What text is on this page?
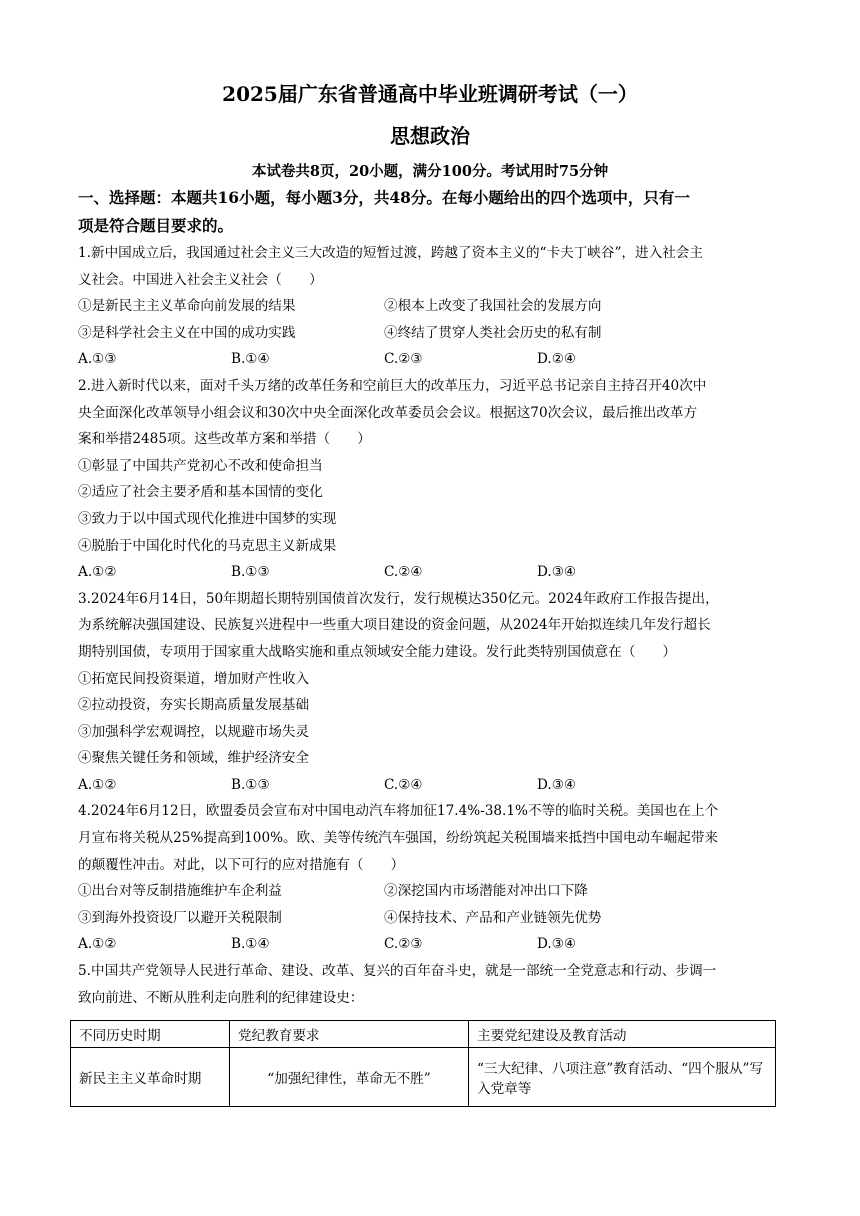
2025届广东省普通高中毕业班调研考试（一）
思想政治
本试卷共8页，20小题，满分100分。考试用时75分钟
一、选择题：本题共16小题，每小题3分，共48分。在每小题给出的四个选项中，只有一
项是符合题目要求的。
1.新中国成立后，我国通过社会主义三大改造的短暂过渡，跨越了资本主义的“卡夫丁峡谷”，进入社会主
义社会。中国进入社会主义社会（　　）
①是新民主主义革命向前发展的结果	②根本上改变了我国社会的发展方向
③是科学社会主义在中国的成功实践	④终结了贯穿人类社会历史的私有制
A.①③	B.①④	C.②③	D.②④
2.进入新时代以来，面对千头万绪的改革任务和空前巨大的改革压力，习近平总书记亲自主持召开40次中
央全面深化改革领导小组会议和30次中央全面深化改革委员会会议。根据这70次会议，最后推出改革方
案和举措2485项。这些改革方案和举措（　　）
①彰显了中国共产党初心不改和使命担当
②适应了社会主要矛盾和基本国情的变化
③致力于以中国式现代化推进中国梦的实现
④脱胎于中国化时代化的马克思主义新成果
A.①②	B.①③	C.②④	D.③④
3.2024年6月14日，50年期超长期特别国债首次发行，发行规模达350亿元。2024年政府工作报告提出，
为系统解决强国建设、民族复兴进程中一些重大项目建设的资金问题，从2024年开始拟连续几年发行超长
期特别国债，专项用于国家重大战略实施和重点领域安全能力建设。发行此类特别国债意在（　　）
①拓宽民间投资渠道，增加财产性收入
②拉动投资，夯实长期高质量发展基础
③加强科学宏观调控，以规避市场失灵
④聚焦关键任务和领域，维护经济安全
A.①②	B.①③	C.②④	D.③④
4.2024年6月12日，欧盟委员会宣布对中国电动汽车将加征17.4%-38.1%不等的临时关税。美国也在上个
月宣布将关税从25%提高到100%。欧、美等传统汽车强国，纷纷筑起关税围墙来抵挡中国电动车崛起带来
的颠覆性冲击。对此，以下可行的应对措施有（　　）
①出台对等反制措施维护车企利益	②深挖国内市场潜能对冲出口下降
③到海外投资设厂以避开关税限制	④保持技术、产品和产业链领先优势
A.①②	B.①④	C.②③	D.③④
5.中国共产党领导人民进行革命、建设、改革、复兴的百年奋斗史，就是一部统一全党意志和行动、步调一
致向前进、不断从胜利走向胜利的纪律建设史：
不同历史时期	党纪教育要求	主要党纪建设及教育活动
新民主主义革命时期	“加强纪律性，革命无不胜”	“三大纪律、八项注意”教育活动、“四个服从”写入党章等
